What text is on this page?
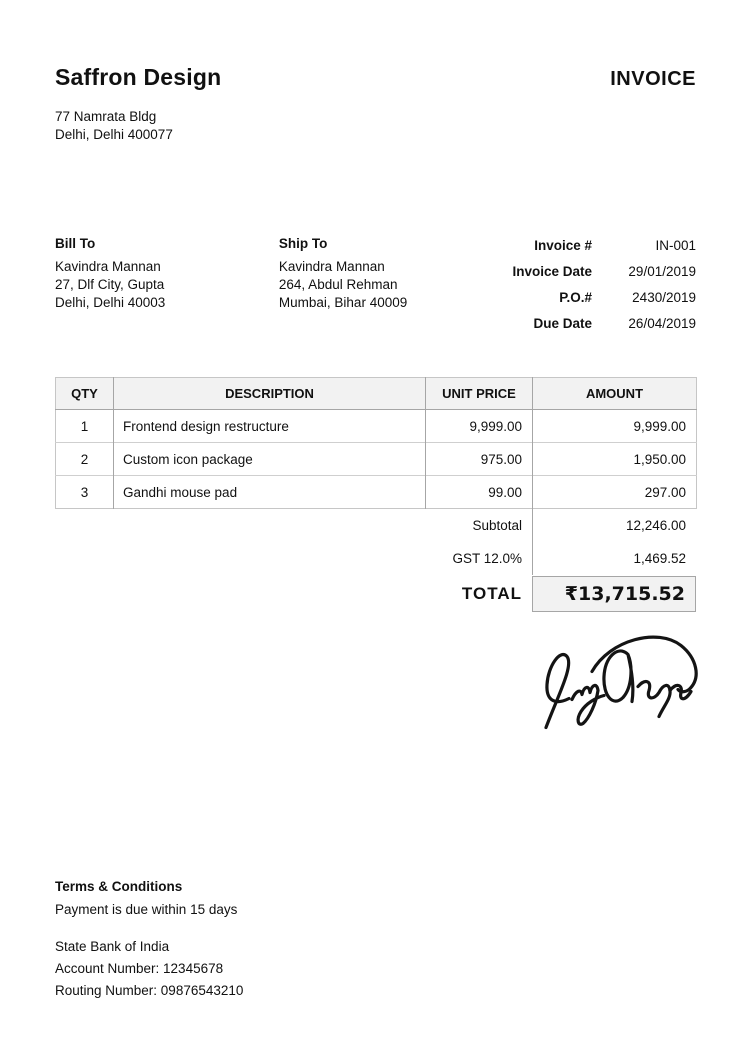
Saffron Design	INVOICE
77 Namrata Bldg
Delhi, Delhi 400077
Bill To
Kavindra Mannan
27, Dlf City, Gupta
Delhi, Delhi 40003
Ship To
Kavindra Mannan
264, Abdul Rehman
Mumbai, Bihar 40009
Invoice #	IN-001
Invoice Date	29/01/2019
P.O.#	2430/2019
Due Date	26/04/2019
QTY	DESCRIPTION	UNIT PRICE	AMOUNT
1	Frontend design restructure	9,999.00	9,999.00
2	Custom icon package	975.00	1,950.00
3	Gandhi mouse pad	99.00	297.00
Subtotal	12,246.00
GST 12.0%	1,469.52
TOTAL	₹13,715.52
Terms & Conditions
Payment is due within 15 days
State Bank of India
Account Number: 12345678
Routing Number: 09876543210
